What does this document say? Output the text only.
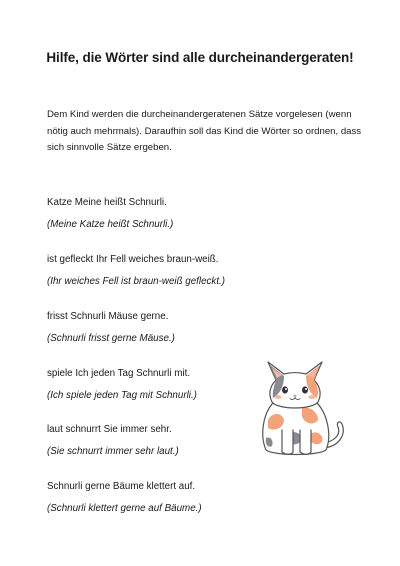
Hilfe, die Wörter sind alle durcheinandergeraten!
Dem Kind werden die durcheinandergeratenen Sätze vorgelesen (wenn nötig auch mehrmals). Daraufhin soll das Kind die Wörter so ordnen, dass sich sinnvolle Sätze ergeben.
Katze Meine heißt Schnurli.
(Meine Katze heißt Schnurli.)
ist gefleckt Ihr Fell weiches braun-weiß.
(Ihr weiches Fell ist braun-weiß gefleckt.)
frisst Schnurli Mäuse gerne.
(Schnurli frisst gerne Mäuse.)
spiele Ich jeden Tag Schnurli mit.
(Ich spiele jeden Tag mit Schnurli.)
laut schnurrt Sie immer sehr.
(Sie schnurrt immer sehr laut.)
Schnurli gerne Bäume klettert auf.
(Schnurli klettert gerne auf Bäume.)
